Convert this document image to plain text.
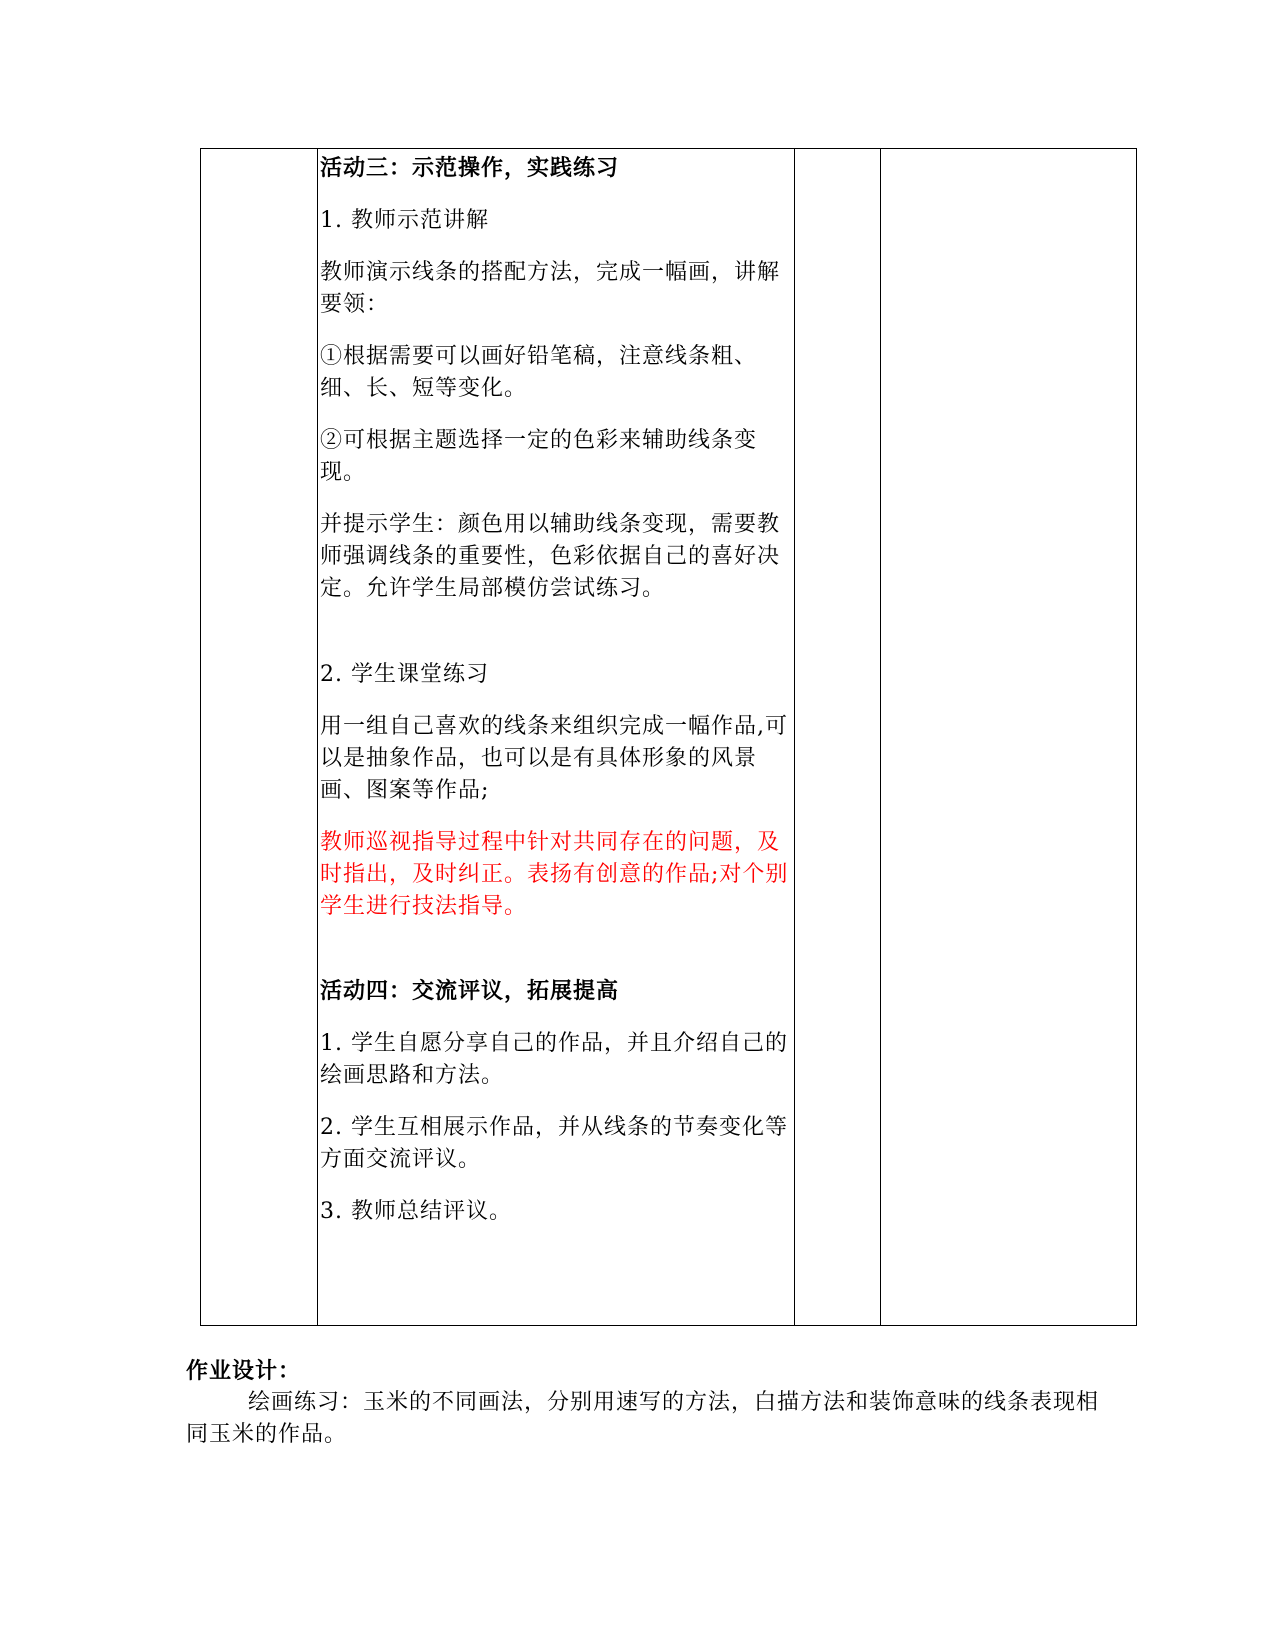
活动三：示范操作，实践练习

1. 教师示范讲解

教师演示线条的搭配方法，完成一幅画，讲解要领：

①根据需要可以画好铅笔稿，注意线条粗、细、长、短等变化。

②可根据主题选择一定的色彩来辅助线条变现。

并提示学生：颜色用以辅助线条变现，需要教师强调线条的重要性，色彩依据自己的喜好决定。允许学生局部模仿尝试练习。

2. 学生课堂练习

用一组自己喜欢的线条来组织完成一幅作品,可以是抽象作品，也可以是有具体形象的风景画、图案等作品;

教师巡视指导过程中针对共同存在的问题，及时指出，及时纠正。表扬有创意的作品;对个别学生进行技法指导。

活动四：交流评议，拓展提高

1. 学生自愿分享自己的作品，并且介绍自己的绘画思路和方法。

2. 学生互相展示作品，并从线条的节奏变化等方面交流评议。

3. 教师总结评议。

作业设计：

绘画练习：玉米的不同画法，分别用速写的方法，白描方法和装饰意味的线条表现相同玉米的作品。
